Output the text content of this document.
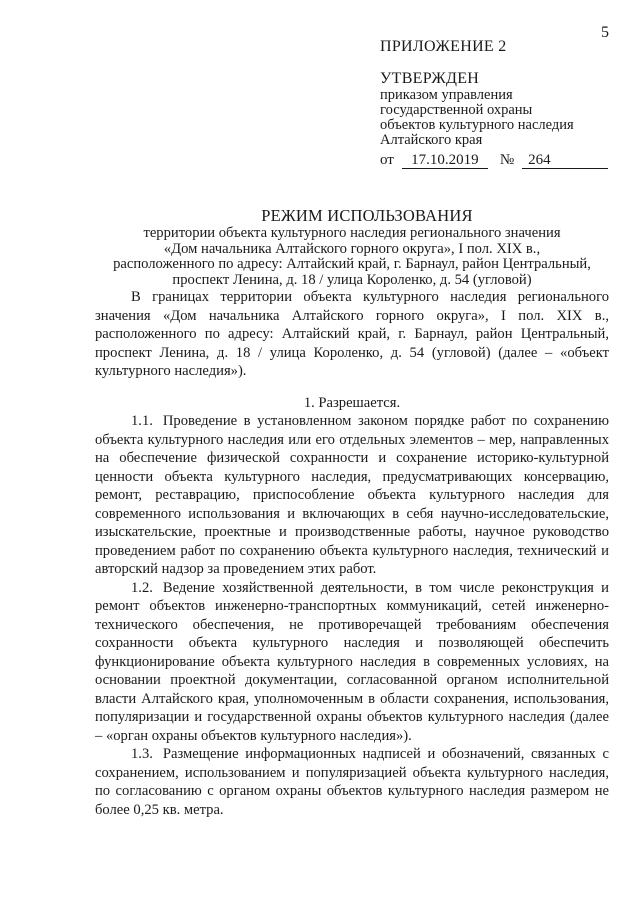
5
ПРИЛОЖЕНИЕ 2
УТВЕРЖДЕН
приказом управления
государственной охраны
объектов культурного наследия
Алтайского края
от	17.10.2019	№ 264
РЕЖИМ ИСПОЛЬЗОВАНИЯ
территории объекта культурного наследия регионального значения
«Дом начальника Алтайского горного округа», I пол. XIX в.,
расположенного по адресу: Алтайский край, г. Барнаул, район Центральный,
проспект Ленина, д. 18 / улица Короленко, д. 54 (угловой)

В границах территории объекта культурного наследия регионального значения «Дом начальника Алтайского горного округа», I пол. XIX в., расположенного по адресу: Алтайский край, г. Барнаул, район Центральный, проспект Ленина, д. 18 / улица Короленко, д. 54 (угловой) (далее – «объект культурного наследия»).

1. Разрешается.

1.1. Проведение в установленном законом порядке работ по сохранению объекта культурного наследия или его отдельных элементов – мер, направленных на обеспечение физической сохранности и сохранение историко-культурной ценности объекта культурного наследия, предусматривающих консервацию, ремонт, реставрацию, приспособление объекта культурного наследия для современного использования и включающих в себя научно-исследовательские, изыскательские, проектные и производственные работы, научное руководство проведением работ по сохранению объекта культурного наследия, технический и авторский надзор за проведением этих работ.

1.2. Ведение хозяйственной деятельности, в том числе реконструкция и ремонт объектов инженерно-транспортных коммуникаций, сетей инженерно-технического обеспечения, не противоречащей требованиям обеспечения сохранности объекта культурного наследия и позволяющей обеспечить функционирование объекта культурного наследия в современных условиях, на основании проектной документации, согласованной органом исполнительной власти Алтайского края, уполномоченным в области сохранения, использования, популяризации и государственной охраны объектов культурного наследия (далее – «орган охраны объектов культурного наследия»).

1.3. Размещение информационных надписей и обозначений, связанных с сохранением, использованием и популяризацией объекта культурного наследия, по согласованию с органом охраны объектов культурного наследия размером не более 0,25 кв. метра.
